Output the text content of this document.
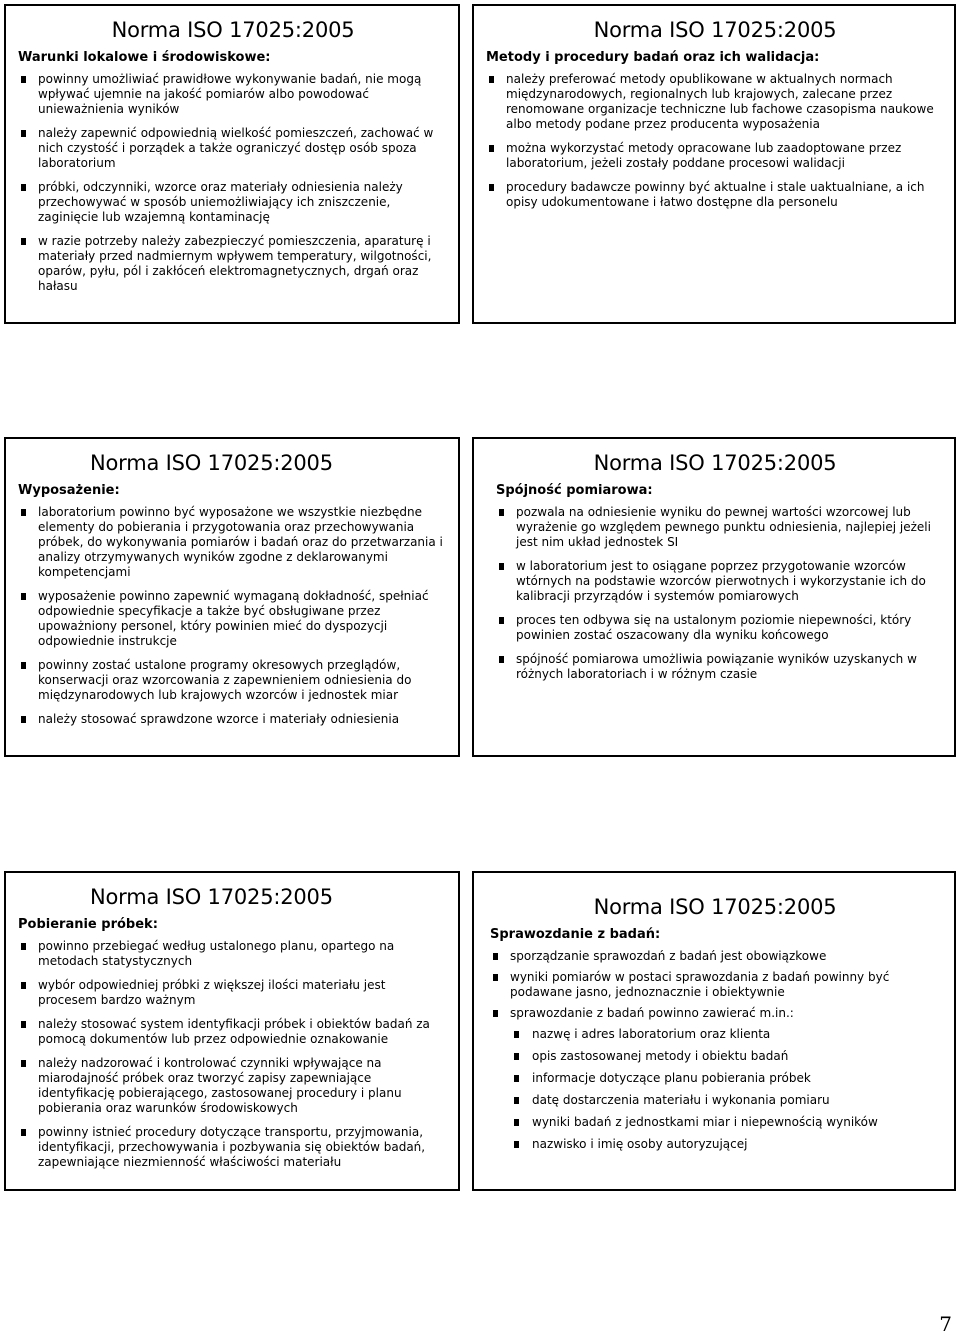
Norma ISO 17025:2005
Warunki lokalowe i środowiskowe:
powinny umożliwiać prawidłowe wykonywanie badań, nie mogą wpływać ujemnie na jakość pomiarów albo powodować unieważnienia wyników
należy zapewnić odpowiednią wielkość pomieszczeń, zachować w nich czystość i porządek a także ograniczyć dostęp osób spoza laboratorium
próbki, odczynniki, wzorce oraz materiały odniesienia należy przechowywać w sposób uniemożliwiający ich zniszczenie, zaginięcie lub wzajemną kontaminację
w razie potrzeby należy zabezpieczyć pomieszczenia, aparaturę i materiały przed nadmiernym wpływem temperatury, wilgotności, oparów, pyłu, pól i zakłóceń elektromagnetycznych, drgań oraz hałasu
Norma ISO 17025:2005
Metody i procedury badań oraz ich walidacja:
należy preferować metody opublikowane w aktualnych normach międzynarodowych, regionalnych lub krajowych, zalecane przez renomowane organizacje techniczne lub fachowe czasopisma naukowe albo metody podane przez producenta wyposażenia
można wykorzystać metody opracowane lub zaadoptowane przez laboratorium, jeżeli zostały poddane procesowi walidacji
procedury badawcze powinny być aktualne i stale uaktualniane, a ich opisy udokumentowane i łatwo dostępne dla personelu
Norma ISO 17025:2005
Wyposażenie:
laboratorium powinno być wyposażone we wszystkie niezbędne elementy do pobierania i przygotowania oraz przechowywania próbek, do wykonywania pomiarów i badań oraz do przetwarzania i analizy otrzymywanych wyników zgodne z deklarowanymi kompetencjami
wyposażenie powinno zapewnić wymaganą dokładność, spełniać odpowiednie specyfikacje a także być obsługiwane przez upoważniony personel, który powinien mieć do dyspozycji odpowiednie instrukcje
powinny zostać ustalone programy okresowych przeglądów, konserwacji oraz wzorcowania z zapewnieniem odniesienia do międzynarodowych lub krajowych wzorców i jednostek miar
należy stosować sprawdzone wzorce i materiały odniesienia
Norma ISO 17025:2005
Spójność pomiarowa:
pozwala na odniesienie wyniku do pewnej wartości wzorcowej lub wyrażenie go względem pewnego punktu odniesienia, najlepiej jeżeli jest nim układ jednostek SI
w laboratorium jest to osiągane poprzez przygotowanie wzorców wtórnych na podstawie wzorców pierwotnych i wykorzystanie ich do kalibracji przyrządów i systemów pomiarowych
proces ten odbywa się na ustalonym poziomie niepewności, który powinien zostać oszacowany dla wyniku końcowego
spójność pomiarowa umożliwia powiązanie wyników uzyskanych w różnych laboratoriach i w różnym czasie
Norma ISO 17025:2005
Pobieranie próbek:
powinno przebiegać według ustalonego planu, opartego na metodach statystycznych
wybór odpowiedniej próbki z większej ilości materiału jest procesem bardzo ważnym
należy stosować system identyfikacji próbek i obiektów badań za pomocą dokumentów lub przez odpowiednie oznakowanie
należy nadzorować i kontrolować czynniki wpływające na miarodajność próbek oraz tworzyć zapisy zapewniające identyfikację pobierającego, zastosowanej procedury i planu pobierania oraz warunków środowiskowych
powinny istnieć procedury dotyczące transportu, przyjmowania, identyfikacji, przechowywania i pozbywania się obiektów badań, zapewniające niezmienność właściwości materiału
Norma ISO 17025:2005
Sprawozdanie z badań:
sporządzanie sprawozdań z badań jest obowiązkowe
wyniki pomiarów w postaci sprawozdania z badań powinny być podawane jasno, jednoznacznie i obiektywnie
sprawozdanie z badań powinno zawierać m.in.:
nazwę i adres laboratorium oraz klienta
opis zastosowanej metody i obiektu badań
informacje dotyczące planu pobierania próbek
datę dostarczenia materiału i wykonania pomiaru
wyniki badań z jednostkami miar i niepewnością wyników
nazwisko i imię osoby autoryzującej
7
